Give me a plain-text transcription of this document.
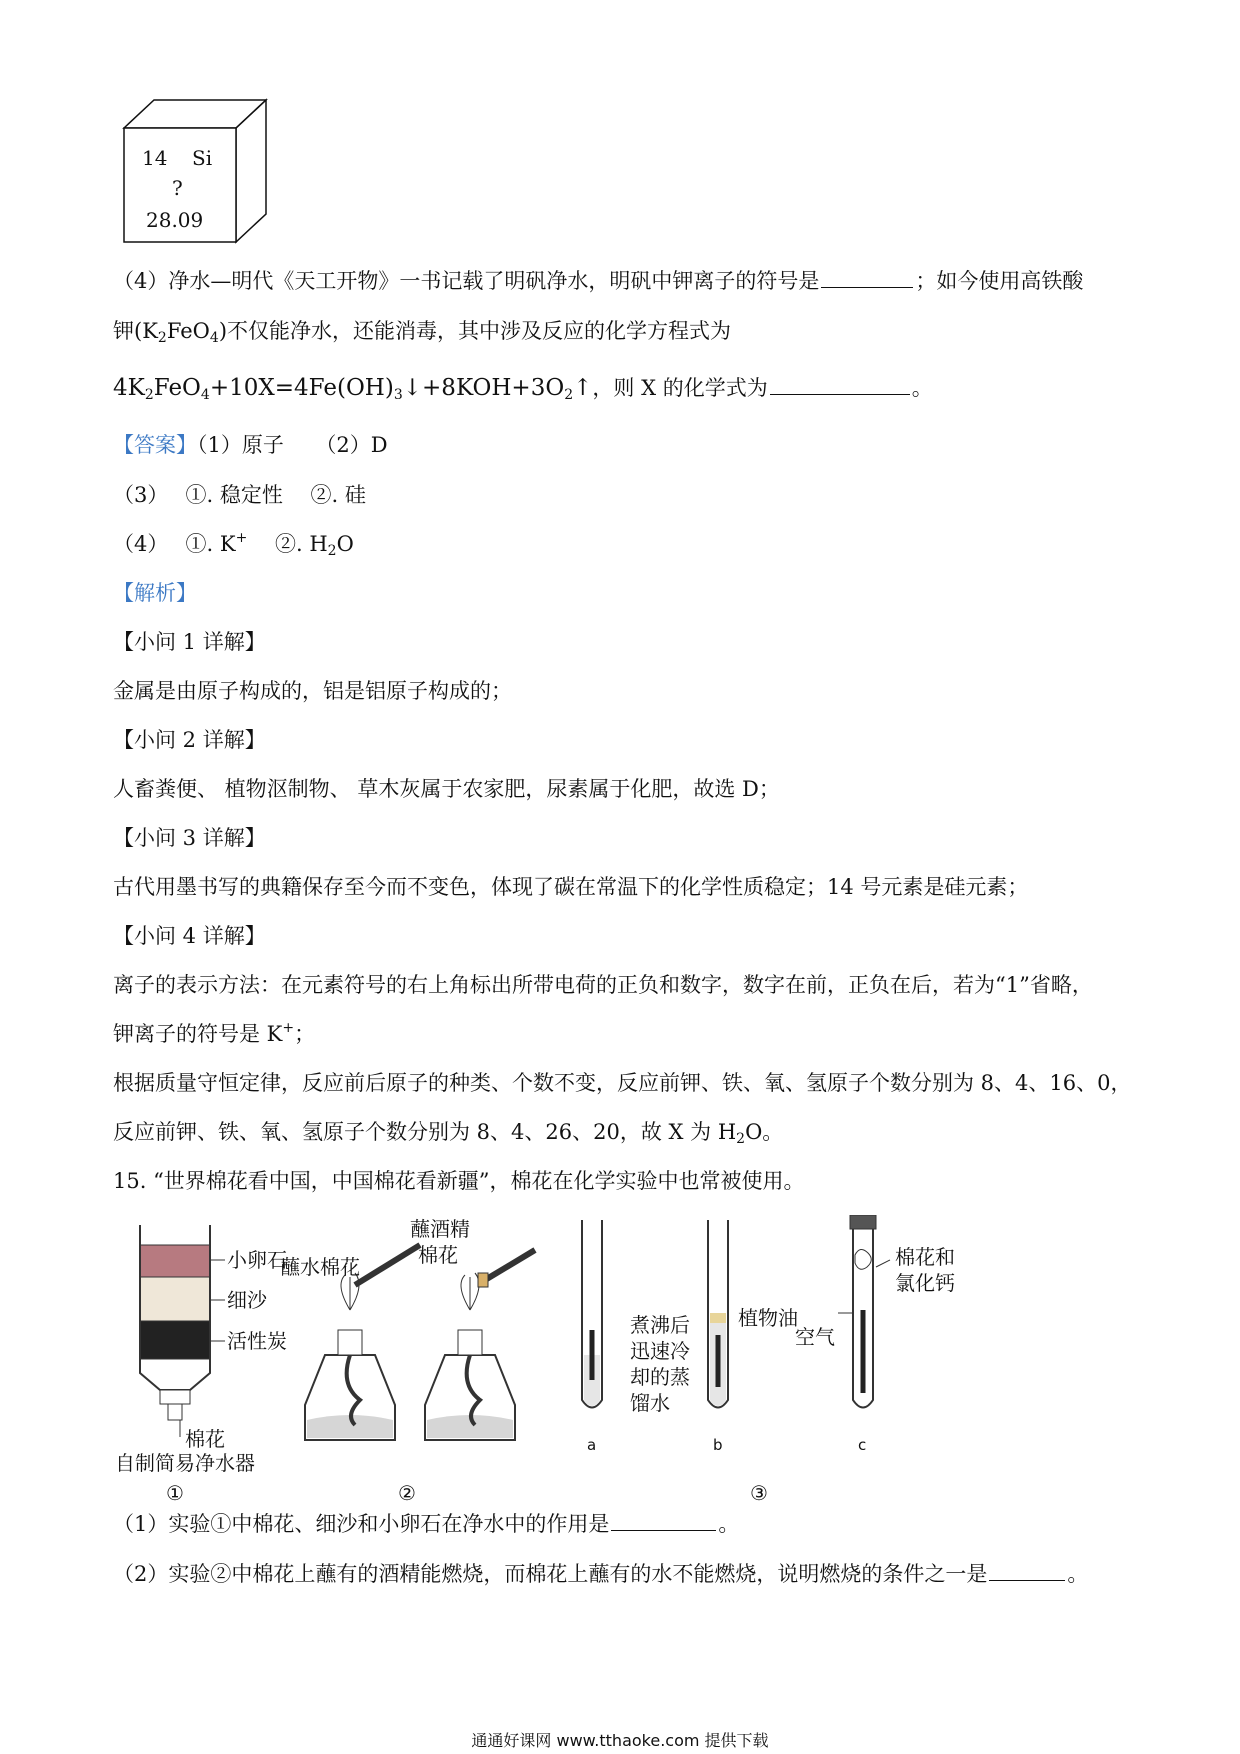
14 Si
?
28.09
（4）净水—明代《天工开物》一书记载了明矾净水，明矾中钾离子的符号是	；如今使用高铁酸
钾$(K_2FeO_4)$不仅能净水，还能消毒，其中涉及反应的化学方程式为
$4K_2FeO_4+10X=4Fe(OH)_3↓+8KOH+3O_2↑$，则 X 的化学式为	。
【答案】（1）原子　　（2）D
（3）　 ①. 稳定性　 ②. 硅
（4）　 ①. K+　 ②. $H_2O$
【解析】
【小问 1 详解】
金属是由原子构成的，铝是铝原子构成的；
【小问 2 详解】
人畜粪便、 植物沤制物、 草木灰属于农家肥，尿素属于化肥，故选 D；
【小问 3 详解】
古代用墨书写的典籍保存至今而不变色，体现了碳在常温下的化学性质稳定；14 号元素是硅元素；
【小问 4 详解】
离子的表示方法：在元素符号的右上角标出所带电荷的正负和数字，数字在前，正负在后，若为“1”省略，
钾离子的符号是 K+；
根据质量守恒定律，反应前后原子的种类、个数不变，反应前钾、铁、氧、氢原子个数分别为 8、4、16、0，
反应前钾、铁、氧、氢原子个数分别为 8、4、26、20，故 X 为 $H_2O$。
15. “世界棉花看中国，中国棉花看新疆”，棉花在化学实验中也常被使用。
小卵石
细沙
活性炭
棉花
自制简易净水器
①
蘸水棉花
蘸酒精
棉花
②
煮沸后
迅速冷
却的蒸
馏水
植物油
棉花和
氯化钙
空气
a	b	c
③
（1）实验①中棉花、细沙和小卵石在净水中的作用是	。
（2）实验②中棉花上蘸有的酒精能燃烧，而棉花上蘸有的水不能燃烧，说明燃烧的条件之一是	。
通通好课网 www.tthaoke.com 提供下载
